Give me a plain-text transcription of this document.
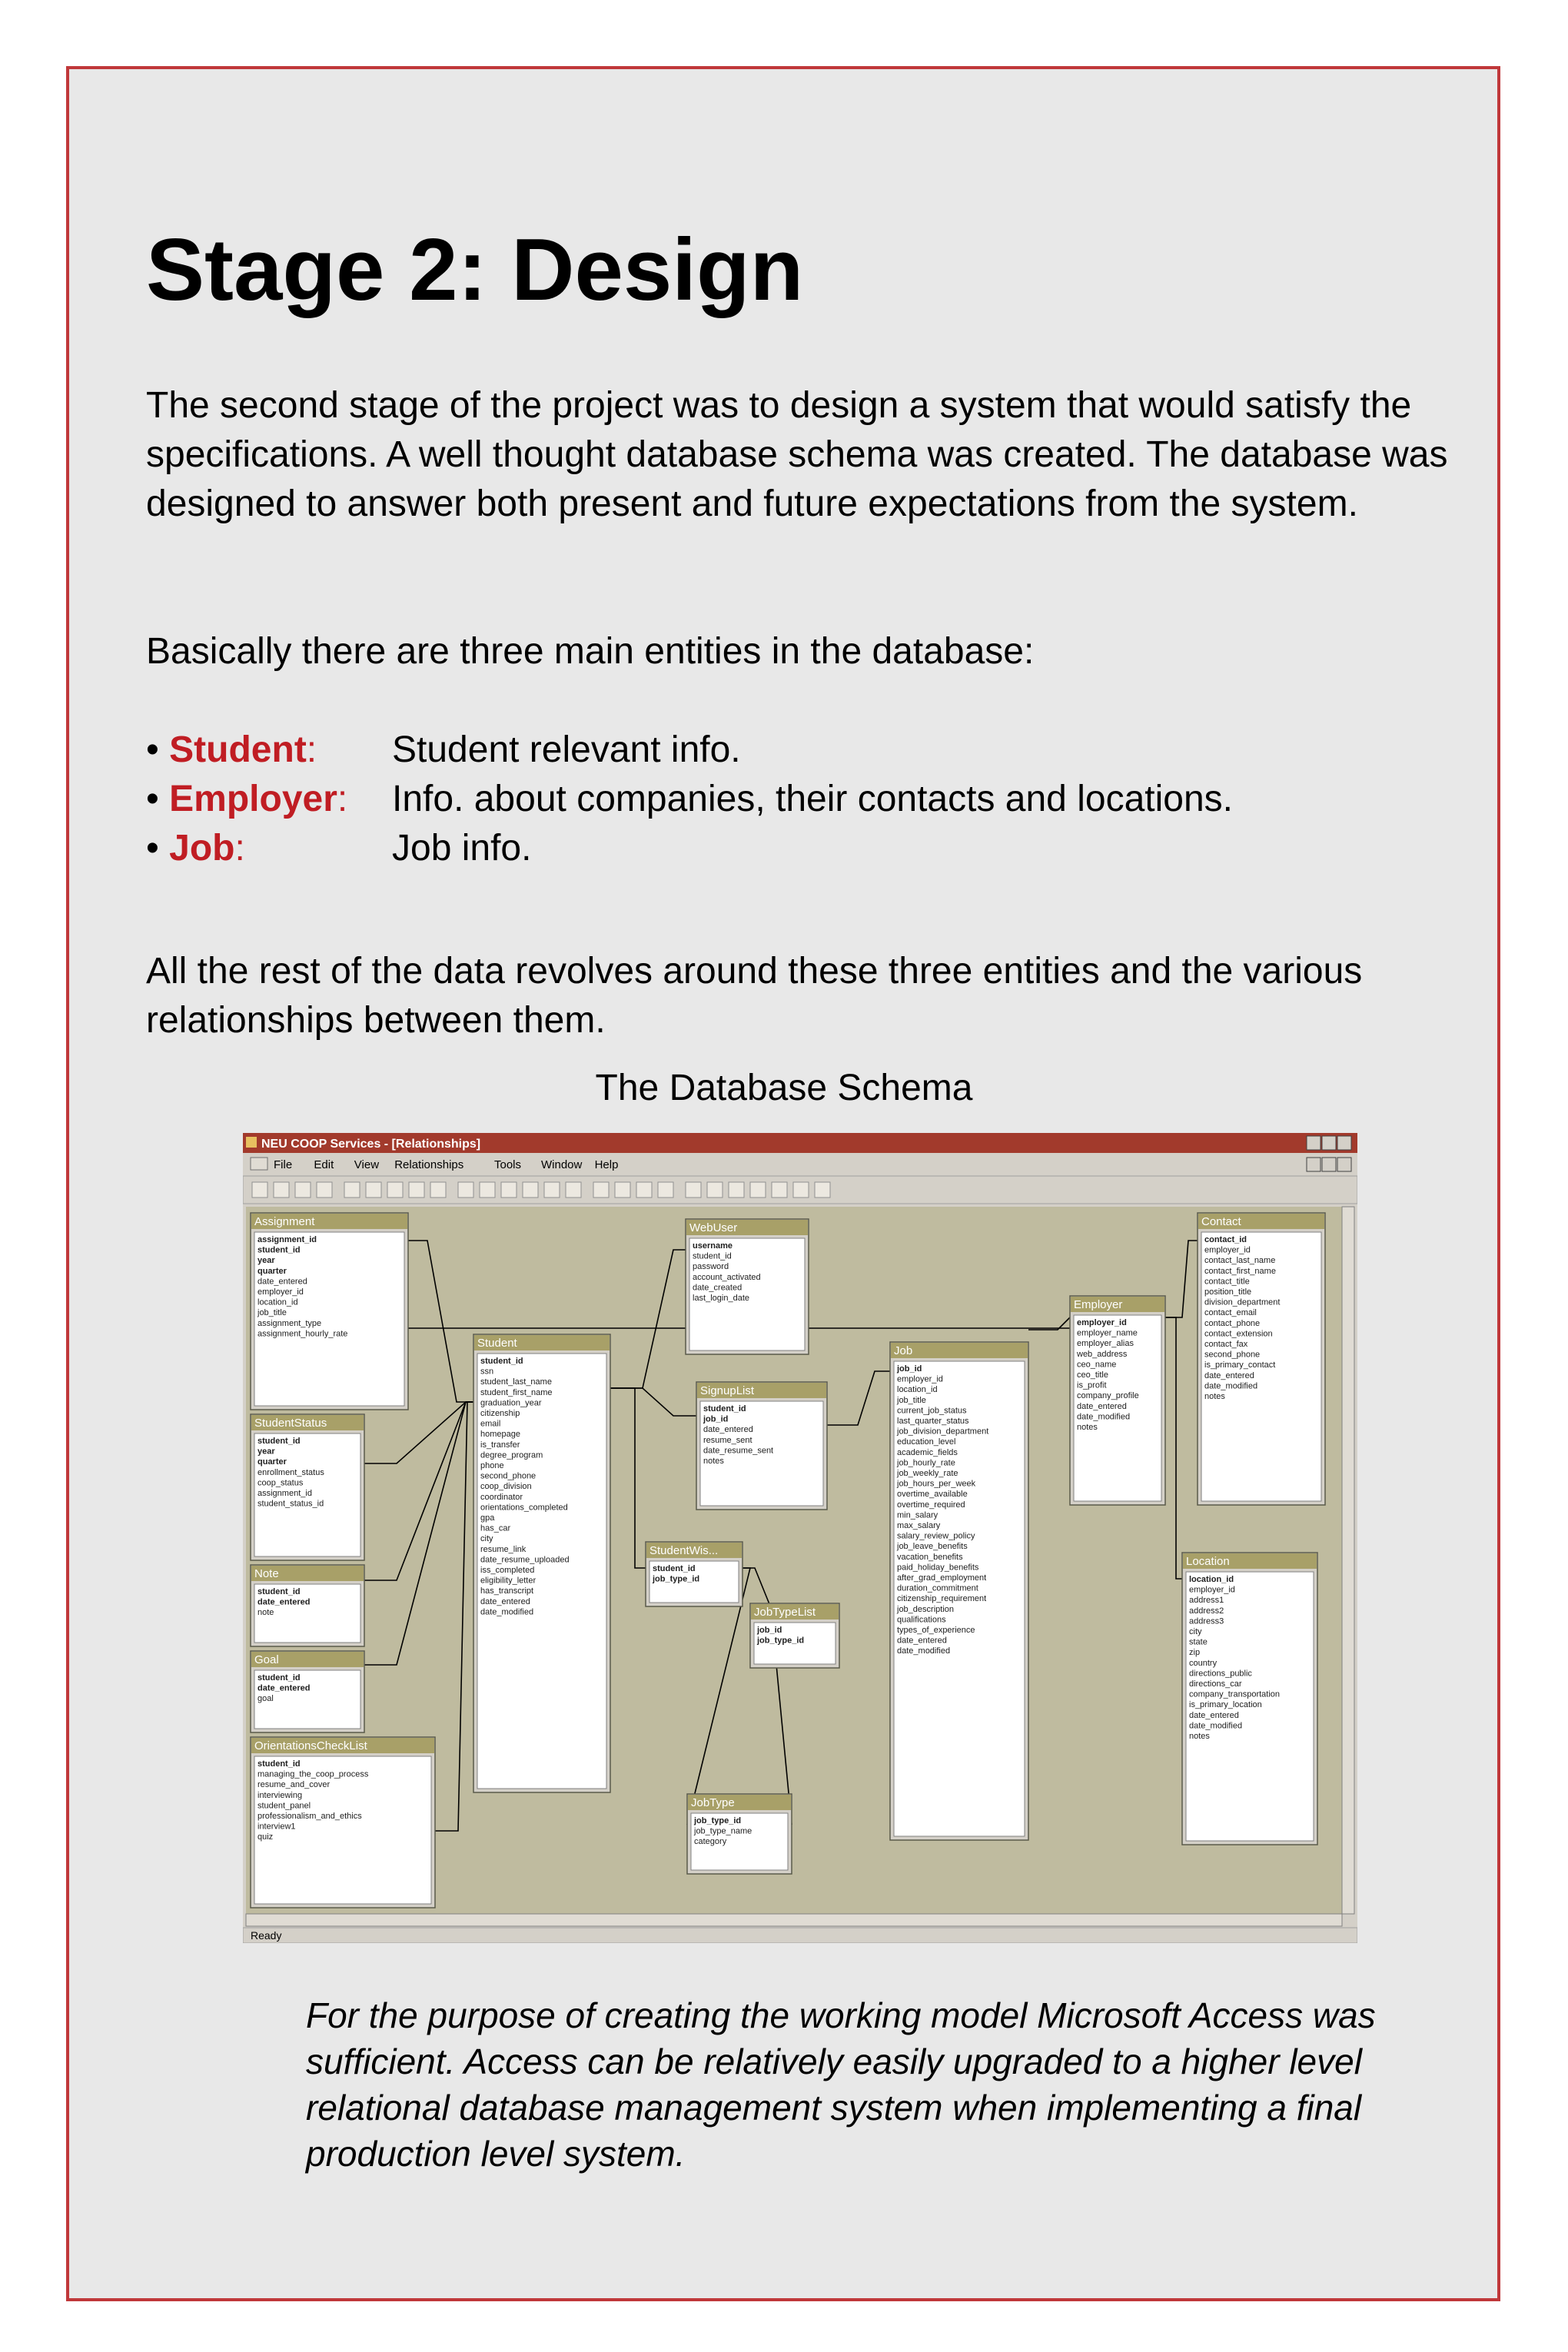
Stage 2: Design

The second stage of the project was to design a system that would satisfy the specifications. A well thought database schema was created. The database was designed to answer both present and future expectations from the system.

Basically there are three main entities in the database:

• Student:	Student relevant info.
• Employer:	Info. about companies, their contacts and locations.
• Job:	Job info.

All the rest of the data revolves around these three entities and the various relationships between them.

The Database Schema
NEU COOP Services - [Relationships]
File Edit View Relationships	Tools Window Help
Assignment
assignment_id
student_id
year
quarter
date_entered
employer_id
location_id
job_title
assignment_type
assignment_hourly_rate
StudentStatus
student_id
year
quarter
enrollment_status
coop_status
assignment_id
student_status_id
Note
student_id
date_entered
note
Goal
student_id
date_entered
goal
OrientationsCheckList
student_id
managing_the_coop_process
resume_and_cover
interviewing
student_panel
professionalism_and_ethics
interview1
quiz
Student
student_id
ssn
student_last_name
student_first_name
graduation_year
citizenship
email
homepage
is_transfer
degree_program
phone
second_phone
coop_division
coordinator
orientations_completed
gpa
has_car
city
resume_link
date_resume_uploaded
iss_completed
eligibility_letter
has_transcript
date_entered
date_modified
WebUser
username
student_id
password
account_activated
date_created
last_login_date
SignupList
student_id
job_id
date_entered
resume_sent
date_resume_sent
notes
StudentWis...
student_id
job_type_id
JobTypeList
job_id
job_type_id
JobType
job_type_id
job_type_name
category
Job
job_id
employer_id
location_id
job_title
current_job_status
last_quarter_status
job_division_department
education_level
academic_fields
job_hourly_rate
job_weekly_rate
job_hours_per_week
overtime_available
overtime_required
min_salary
max_salary
salary_review_policy
job_leave_benefits
vacation_benefits
paid_holiday_benefits
after_grad_employment
duration_commitment
citizenship_requirement
job_description
qualifications
types_of_experience
date_entered
date_modified
Employer
employer_id
employer_name
employer_alias
web_address
ceo_name
ceo_title
is_profit
company_profile
date_entered
date_modified
notes
Contact
contact_id
employer_id
contact_last_name
contact_first_name
contact_title
position_title
division_department
contact_email
contact_phone
contact_extension
contact_fax
second_phone
is_primary_contact
date_entered
date_modified
notes
Location
location_id
employer_id
address1
address2
address3
city
state
zip
country
directions_public
directions_car
company_transportation
is_primary_location
date_entered
date_modified
notes
Ready

For the purpose of creating the working model Microsoft Access was sufficient. Access can be relatively easily upgraded to a higher level relational database management system when implementing a final production level system.
